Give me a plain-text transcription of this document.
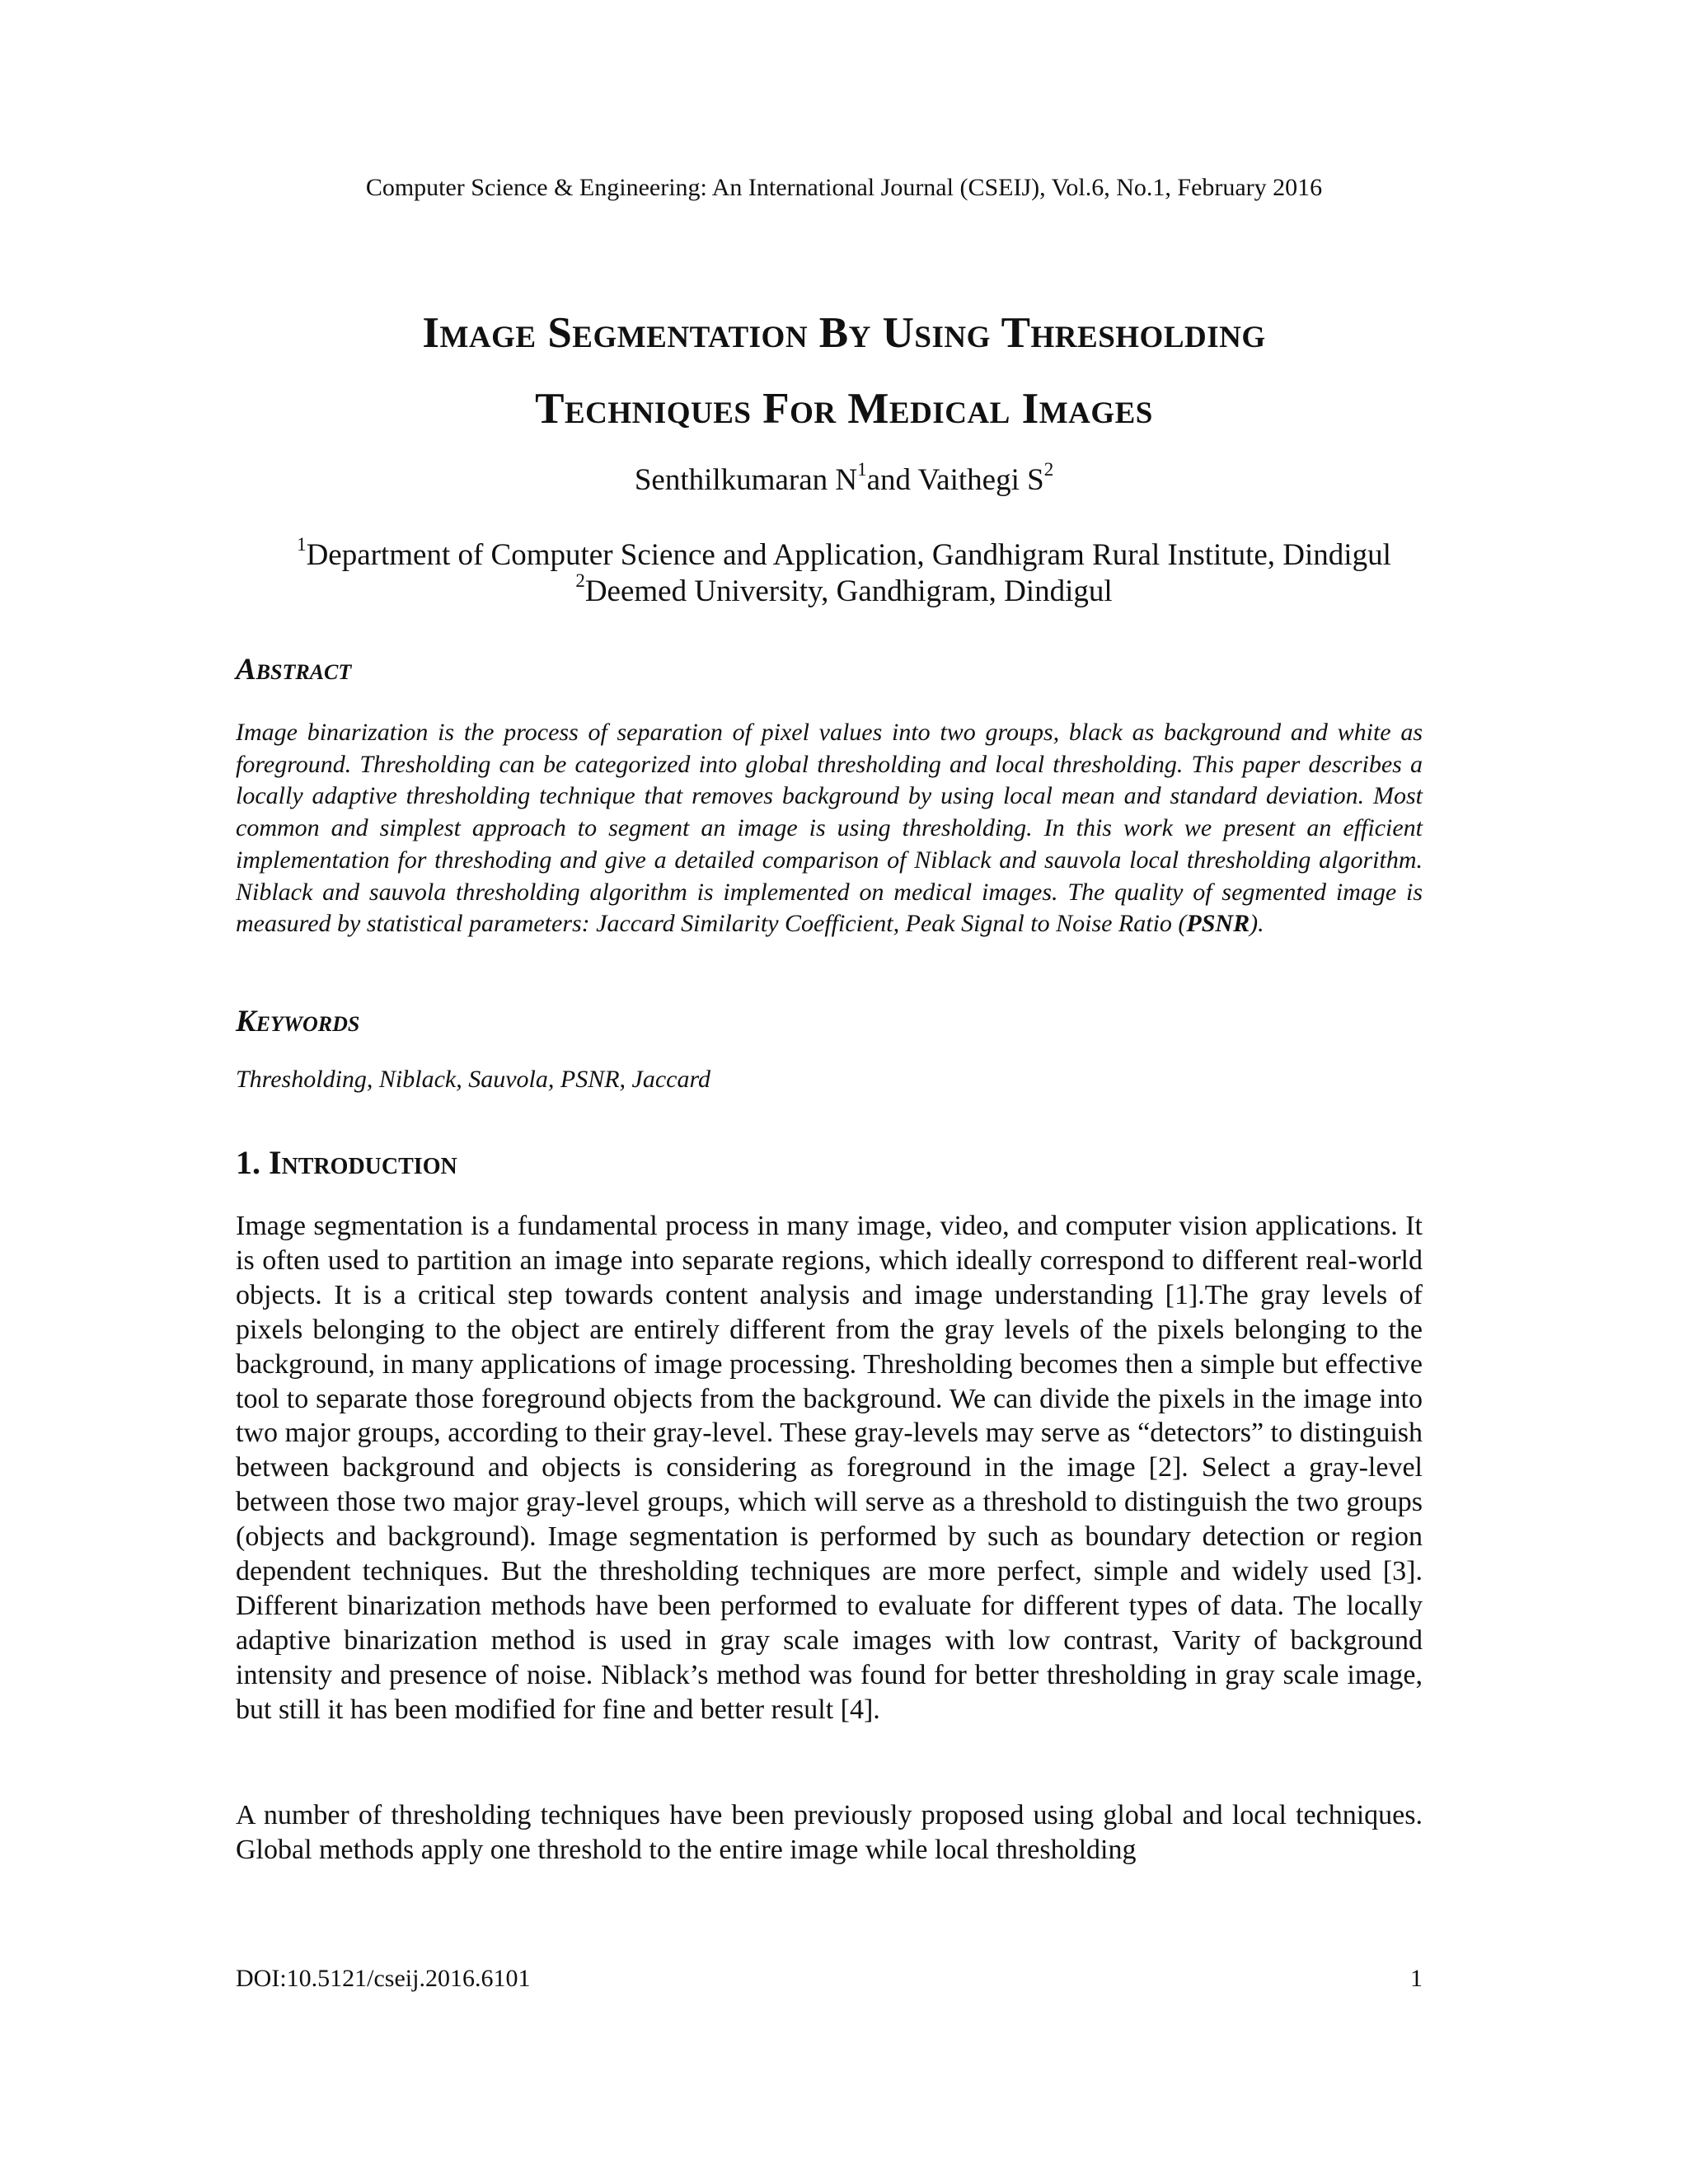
Computer Science & Engineering: An International Journal (CSEIJ), Vol.6, No.1, February 2016
Image Segmentation By Using Thresholding
Techniques For Medical Images
Senthilkumaran $N^1and$ Vaithegi $S^2$
$^1$Department of Computer Science and Application, Gandhigram Rural Institute, Dindigul
$^2$Deemed University, Gandhigram, Dindigul
Abstract
Image binarization is the process of separation of pixel values into two groups, black as background and white as foreground. Thresholding can be categorized into global thresholding and local thresholding. This paper describes a locally adaptive thresholding technique that removes background by using local mean and standard deviation. Most common and simplest approach to segment an image is using thresholding. In this work we present an efficient implementation for threshoding and give a detailed comparison of Niblack and sauvola local thresholding algorithm. Niblack and sauvola thresholding algorithm is implemented on medical images. The quality of segmented image is measured by statistical parameters: Jaccard Similarity Coefficient, Peak Signal to Noise Ratio (PSNR).
Keywords
Thresholding, Niblack, Sauvola, PSNR, Jaccard
1. Introduction
Image segmentation is a fundamental process in many image, video, and computer vision applications. It is often used to partition an image into separate regions, which ideally correspond to different real-world objects. It is a critical step towards content analysis and image understanding [1].The gray levels of pixels belonging to the object are entirely different from the gray levels of the pixels belonging to the background, in many applications of image processing. Thresholding becomes then a simple but effective tool to separate those foreground objects from the background. We can divide the pixels in the image into two major groups, according to their gray-level. These gray-levels may serve as “detectors” to distinguish between background and objects is considering as foreground in the image [2]. Select a gray-level between those two major gray-level groups, which will serve as a threshold to distinguish the two groups (objects and background). Image segmentation is performed by such as boundary detection or region dependent techniques. But the thresholding techniques are more perfect, simple and widely used [3]. Different binarization methods have been performed to evaluate for different types of data. The locally adaptive binarization method is used in gray scale images with low contrast, Varity of background intensity and presence of noise. Niblack’s method was found for better thresholding in gray scale image, but still it has been modified for fine and better result [4].
A number of thresholding techniques have been previously proposed using global and local techniques. Global methods apply one threshold to the entire image while local thresholding
DOI:10.5121/cseij.2016.6101	1
